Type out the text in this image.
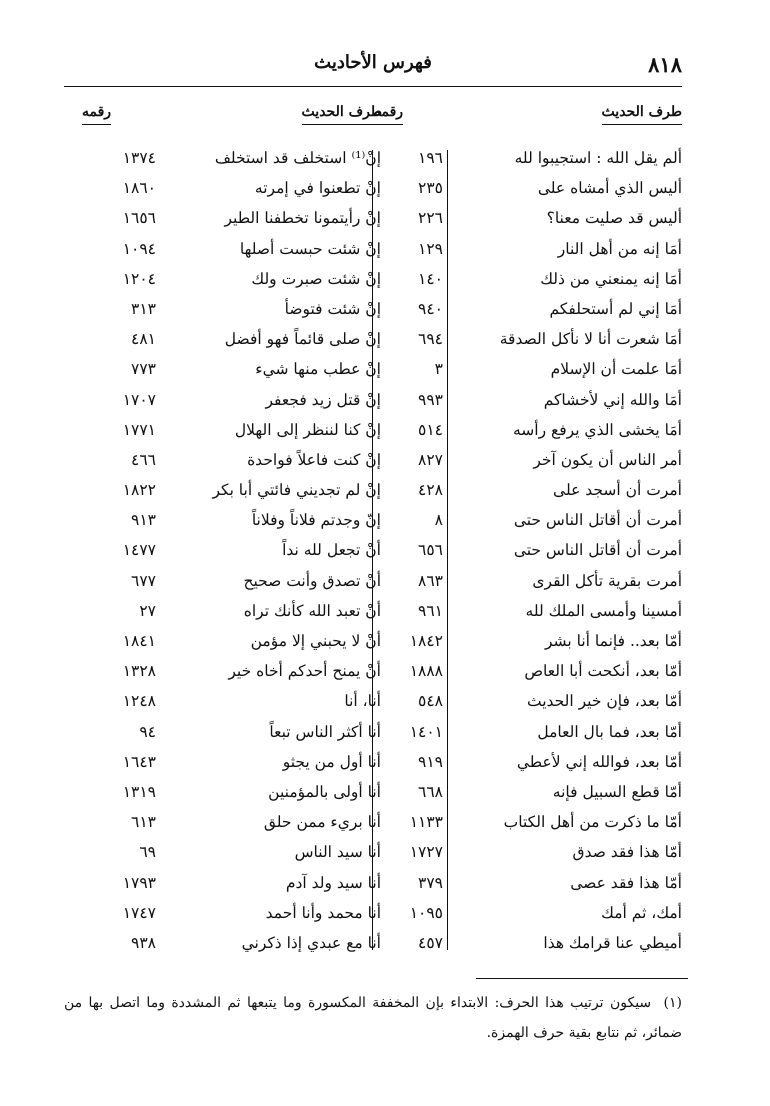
٨١٨
فهرس الأحاديث
طرف الحديث
رقمه
طرف الحديث
رقمه
ألم يقل الله : استجيبوا لله
١٩٦
إنْ⁽¹⁾ استخلف قد استخلف
١٣٧٤
أليس الذي أمشاه على
٢٣٥
إنْ تطعنوا في إمرته
١٨٦٠
أليس قد صليت معنا؟
٢٢٦
إنْ رأيتمونا تخطفنا الطير
١٦٥٦
أمَا إنه من أهل النار
١٢٩
إنْ شئت حبست أصلها
١٠٩٤
أمَا إنه يمنعني من ذلك
١٤٠
إنْ شئت صبرت ولك
١٢٠٤
أمَا إني لم أستحلفكم
٩٤٠
إنْ شئت فتوضأ
٣١٣
أمَا شعرت أنا لا نأكل الصدقة
٦٩٤
إنْ صلى قائماً فهو أفضل
٤٨١
أمَا علمت أن الإسلام
٣
إنْ عطب منها شيء
٧٧٣
أمَا والله إني لأخشاكم
٩٩٣
إنْ قتل زيد فجعفر
١٧٠٧
أمَا يخشى الذي يرفع رأسه
٥١٤
إنْ كنا لننظر إلى الهلال
١٧٧١
أمر الناس أن يكون آخر
٨٢٧
إنْ كنت فاعلاً فواحدة
٤٦٦
أمرت أن أسجد على
٤٢٨
إنْ لم تجديني فائتي أبا بكر
١٨٢٢
أمرت أن أقاتل الناس حتى
٨
إنّ وجدتم فلاناً وفلاناً
٩١٣
أمرت أن أقاتل الناس حتى
٦٥٦
أنْ تجعل لله نداً
١٤٧٧
أمرت بقرية تأكل القرى
٨٦٣
أنْ تصدق وأنت صحيح
٦٧٧
أمسينا وأمسى الملك لله
٩٦١
أنْ تعبد الله كأنك تراه
٢٧
أمّا بعد.. فإنما أنا بشر
١٨٤٢
أنْ لا يحبني إلا مؤمن
١٨٤١
أمّا بعد، أنكحت أبا العاص
١٨٨٨
أنْ يمنح أحدكم أخاه خير
١٣٢٨
أمّا بعد، فإن خير الحديث
٥٤٨
أنا، أنا
١٢٤٨
أمّا بعد، فما بال العامل
١٤٠١
أنا أكثر الناس تبعاً
٩٤
أمّا بعد، فوالله إني لأعطي
٩١٩
أنا أول من يجثو
١٦٤٣
أمّا قطع السبيل فإنه
٦٦٨
أنا أولى بالمؤمنين
١٣١٩
أمّا ما ذكرت من أهل الكتاب
١١٣٣
أنا بريء ممن حلق
٦١٣
أمّا هذا فقد صدق
١٧٢٧
أنا سيد الناس
٦٩
أمّا هذا فقد عصى
٣٧٩
أنا سيد ولد آدم
١٧٩٣
أمك، ثم أمك
١٠٩٥
أنا محمد وأنا أحمد
١٧٤٧
أميطي عنا قرامك هذا
٤٥٧
أنا مع عبدي إذا ذكرني
٩٣٨
(١) سيكون ترتيب هذا الحرف: الابتداء بإن المخففة المكسورة وما يتبعها ثم المشددة وما اتصل بها من ضمائر، ثم نتابع بقية حرف الهمزة.
